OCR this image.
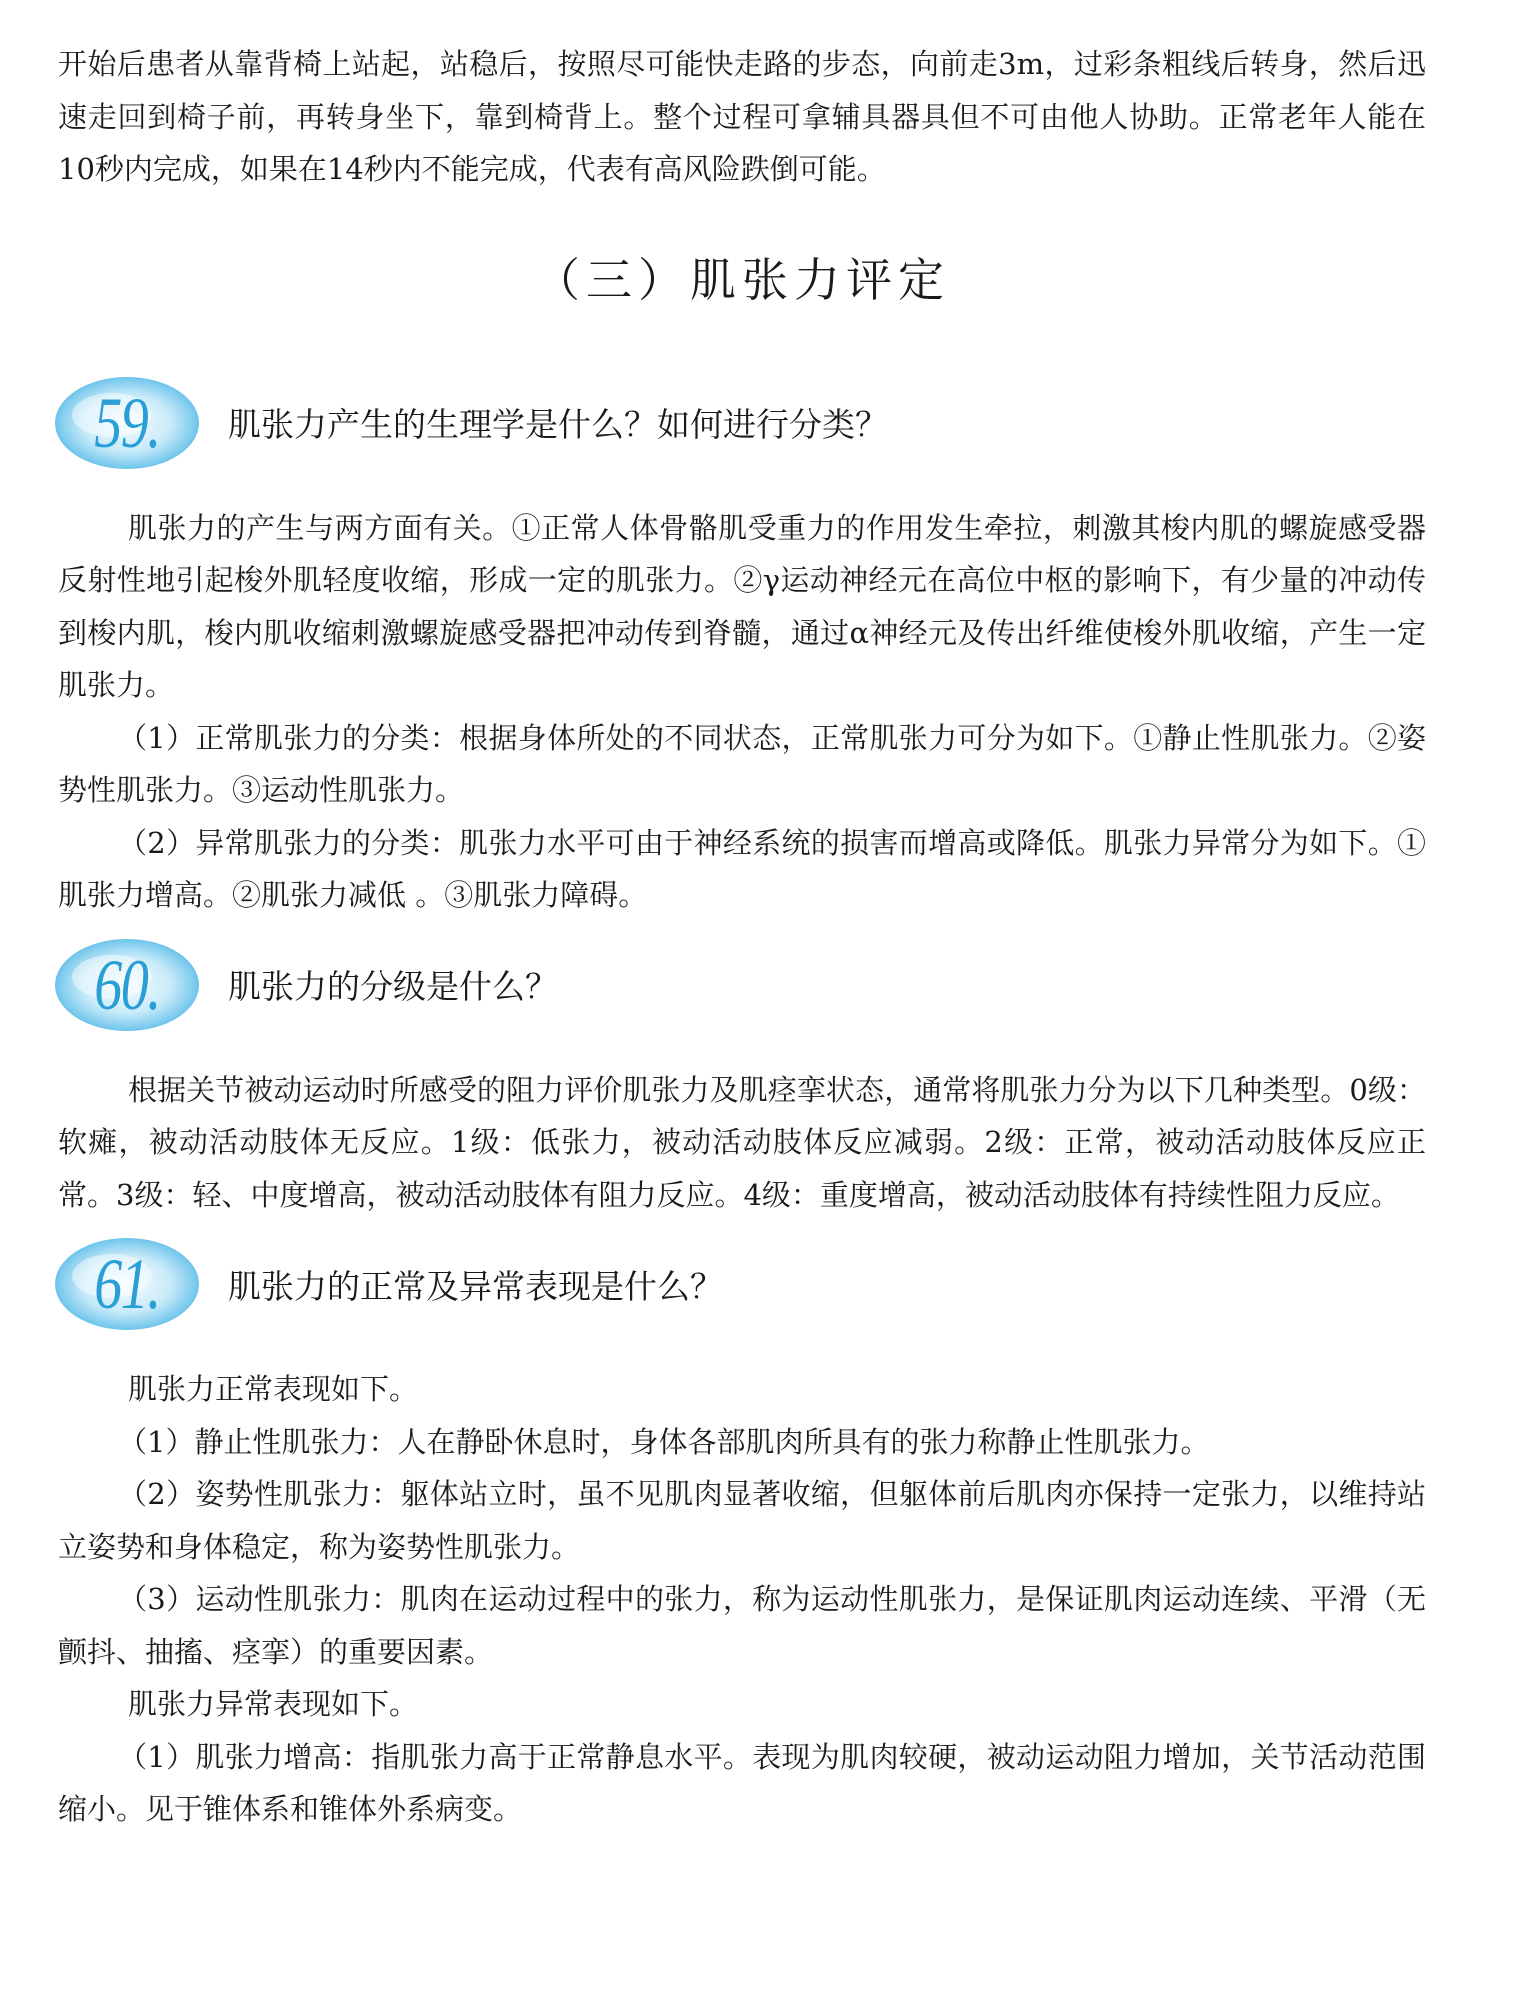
开始后患者从靠背椅上站起，站稳后，按照尽可能快走路的步态，向前走3m，过彩条粗线后转身，然后迅速走回到椅子前，再转身坐下，靠到椅背上。整个过程可拿辅具器具但不可由他人协助。正常老年人能在10秒内完成，如果在14秒内不能完成，代表有高风险跌倒可能。

（三）肌张力评定
59.	肌张力产生的生理学是什么？如何进行分类？

肌张力的产生与两方面有关。①正常人体骨骼肌受重力的作用发生牵拉，刺激其梭内肌的螺旋感受器反射性地引起梭外肌轻度收缩，形成一定的肌张力。②γ运动神经元在高位中枢的影响下，有少量的冲动传到梭内肌，梭内肌收缩刺激螺旋感受器把冲动传到脊髓，通过α神经元及传出纤维使梭外肌收缩，产生一定肌张力。

（1）正常肌张力的分类：根据身体所处的不同状态，正常肌张力可分为如下。①静止性肌张力。②姿势性肌张力。③运动性肌张力。

（2）异常肌张力的分类：肌张力水平可由于神经系统的损害而增高或降低。肌张力异常分为如下。①肌张力增高。②肌张力减低 。③肌张力障碍。

60.	肌张力的分级是什么？

根据关节被动运动时所感受的阻力评价肌张力及肌痉挛状态，通常将肌张力分为以下几种类型。0级：软瘫，被动活动肢体无反应。1级：低张力，被动活动肢体反应减弱。2级：正常，被动活动肢体反应正常。3级：轻、中度增高，被动活动肢体有阻力反应。4级：重度增高，被动活动肢体有持续性阻力反应。

61.	肌张力的正常及异常表现是什么？

肌张力正常表现如下。

（1）静止性肌张力：人在静卧休息时，身体各部肌肉所具有的张力称静止性肌张力。

（2）姿势性肌张力：躯体站立时，虽不见肌肉显著收缩，但躯体前后肌肉亦保持一定张力，以维持站立姿势和身体稳定，称为姿势性肌张力。

（3）运动性肌张力：肌肉在运动过程中的张力，称为运动性肌张力，是保证肌肉运动连续、平滑（无颤抖、抽搐、痉挛）的重要因素。

肌张力异常表现如下。

（1）肌张力增高：指肌张力高于正常静息水平。表现为肌肉较硬，被动运动阻力增加，关节活动范围缩小。见于锥体系和锥体外系病变。
